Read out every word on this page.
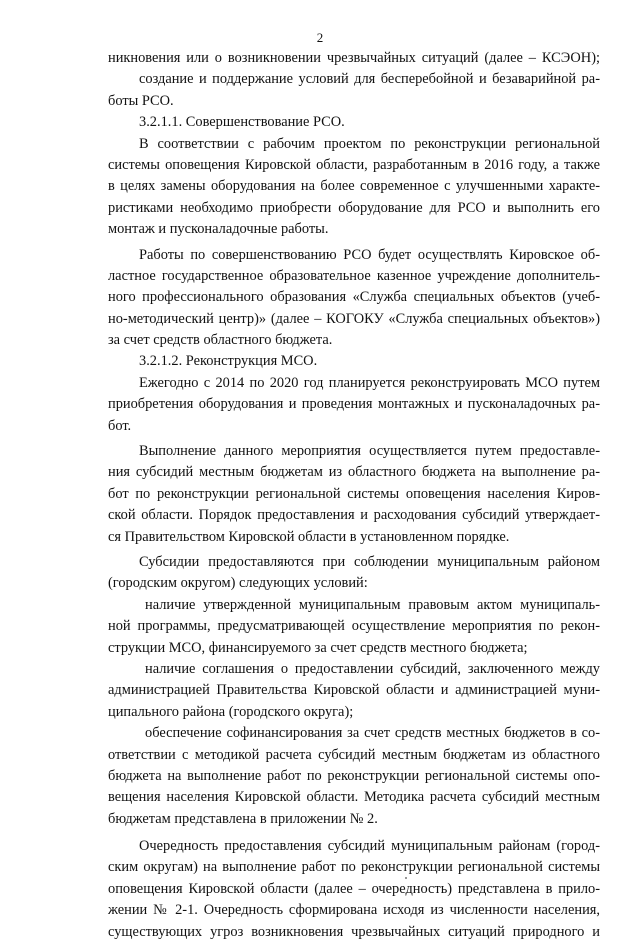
2
никновения или о возникновении чрезвычайных ситуаций (далее – КСЭОН);
создание и поддержание условий для бесперебойной и безаварийной ра-
боты РСО.
3.2.1.1. Совершенствование РСО.
В соответствии с рабочим проектом по реконструкции региональной
системы оповещения Кировской области, разработанным в 2016 году, а также
в целях замены оборудования на более современное с улучшенными характе-
ристиками необходимо приобрести оборудование для РСО и выполнить его
монтаж и пусконаладочные работы.
Работы по совершенствованию РСО будет осуществлять Кировское об-
ластное государственное образовательное казенное учреждение дополнитель-
ного профессионального образования «Служба специальных объектов (учеб-
но-методический центр)» (далее – КОГОКУ «Служба специальных объектов»)
за счет средств областного бюджета.
3.2.1.2. Реконструкция МСО.
Ежегодно с 2014 по 2020 год планируется реконструировать МСО путем
приобретения оборудования и проведения монтажных и пусконаладочных ра-
бот.
Выполнение данного мероприятия осуществляется путем предоставле-
ния субсидий местным бюджетам из областного бюджета на выполнение ра-
бот по реконструкции региональной системы оповещения населения Киров-
ской области. Порядок предоставления и расходования субсидий утверждает-
ся Правительством Кировской области в установленном порядке.
Субсидии предоставляются при соблюдении муниципальным районом
(городским округом) следующих условий:
наличие утвержденной муниципальным правовым актом муниципаль-
ной программы, предусматривающей осуществление мероприятия по рекон-
струкции МСО, финансируемого за счет средств местного бюджета;
наличие соглашения о предоставлении субсидий, заключенного между
администрацией Правительства Кировской области и администрацией муни-
ципального района (городского округа);
обеспечение софинансирования за счет средств местных бюджетов в со-
ответствии с методикой расчета субсидий местным бюджетам из областного
бюджета на выполнение работ по реконструкции региональной системы опо-
вещения населения Кировской области. Методика расчета субсидий местным
бюджетам представлена в приложении № 2.
Очередность предоставления субсидий муниципальным районам (город-
ским округам) на выполнение работ по реконструкции региональной системы
оповещения Кировской области (далее – очередность) представлена в прило-
жении № 2-1. Очередность сформирована исходя из численности населения,
существующих угроз возникновения чрезвычайных ситуаций природного и
